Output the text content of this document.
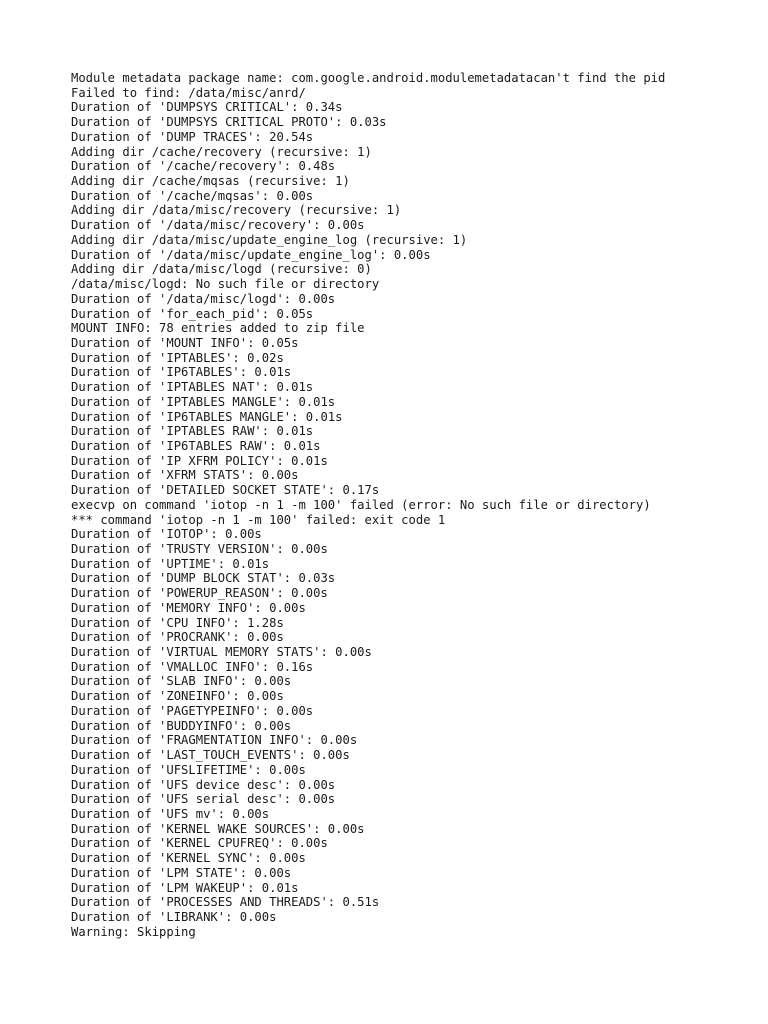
Module metadata package name: com.google.android.modulemetadatacan't find the pid
Failed to find: /data/misc/anrd/
Duration of 'DUMPSYS CRITICAL': 0.34s
Duration of 'DUMPSYS CRITICAL PROTO': 0.03s
Duration of 'DUMP TRACES': 20.54s
Adding dir /cache/recovery (recursive: 1)
Duration of '/cache/recovery': 0.48s
Adding dir /cache/mqsas (recursive: 1)
Duration of '/cache/mqsas': 0.00s
Adding dir /data/misc/recovery (recursive: 1)
Duration of '/data/misc/recovery': 0.00s
Adding dir /data/misc/update_engine_log (recursive: 1)
Duration of '/data/misc/update_engine_log': 0.00s
Adding dir /data/misc/logd (recursive: 0)
/data/misc/logd: No such file or directory
Duration of '/data/misc/logd': 0.00s
Duration of 'for_each_pid': 0.05s
MOUNT INFO: 78 entries added to zip file
Duration of 'MOUNT INFO': 0.05s
Duration of 'IPTABLES': 0.02s
Duration of 'IP6TABLES': 0.01s
Duration of 'IPTABLES NAT': 0.01s
Duration of 'IPTABLES MANGLE': 0.01s
Duration of 'IP6TABLES MANGLE': 0.01s
Duration of 'IPTABLES RAW': 0.01s
Duration of 'IP6TABLES RAW': 0.01s
Duration of 'IP XFRM POLICY': 0.01s
Duration of 'XFRM STATS': 0.00s
Duration of 'DETAILED SOCKET STATE': 0.17s
execvp on command 'iotop -n 1 -m 100' failed (error: No such file or directory)
*** command 'iotop -n 1 -m 100' failed: exit code 1
Duration of 'IOTOP': 0.00s
Duration of 'TRUSTY VERSION': 0.00s
Duration of 'UPTIME': 0.01s
Duration of 'DUMP BLOCK STAT': 0.03s
Duration of 'POWERUP_REASON': 0.00s
Duration of 'MEMORY INFO': 0.00s
Duration of 'CPU INFO': 1.28s
Duration of 'PROCRANK': 0.00s
Duration of 'VIRTUAL MEMORY STATS': 0.00s
Duration of 'VMALLOC INFO': 0.16s
Duration of 'SLAB INFO': 0.00s
Duration of 'ZONEINFO': 0.00s
Duration of 'PAGETYPEINFO': 0.00s
Duration of 'BUDDYINFO': 0.00s
Duration of 'FRAGMENTATION INFO': 0.00s
Duration of 'LAST_TOUCH_EVENTS': 0.00s
Duration of 'UFSLIFETIME': 0.00s
Duration of 'UFS device desc': 0.00s
Duration of 'UFS serial desc': 0.00s
Duration of 'UFS mv': 0.00s
Duration of 'KERNEL WAKE SOURCES': 0.00s
Duration of 'KERNEL CPUFREQ': 0.00s
Duration of 'KERNEL SYNC': 0.00s
Duration of 'LPM STATE': 0.00s
Duration of 'LPM WAKEUP': 0.01s
Duration of 'PROCESSES AND THREADS': 0.51s
Duration of 'LIBRANK': 0.00s
Warning: Skipping
